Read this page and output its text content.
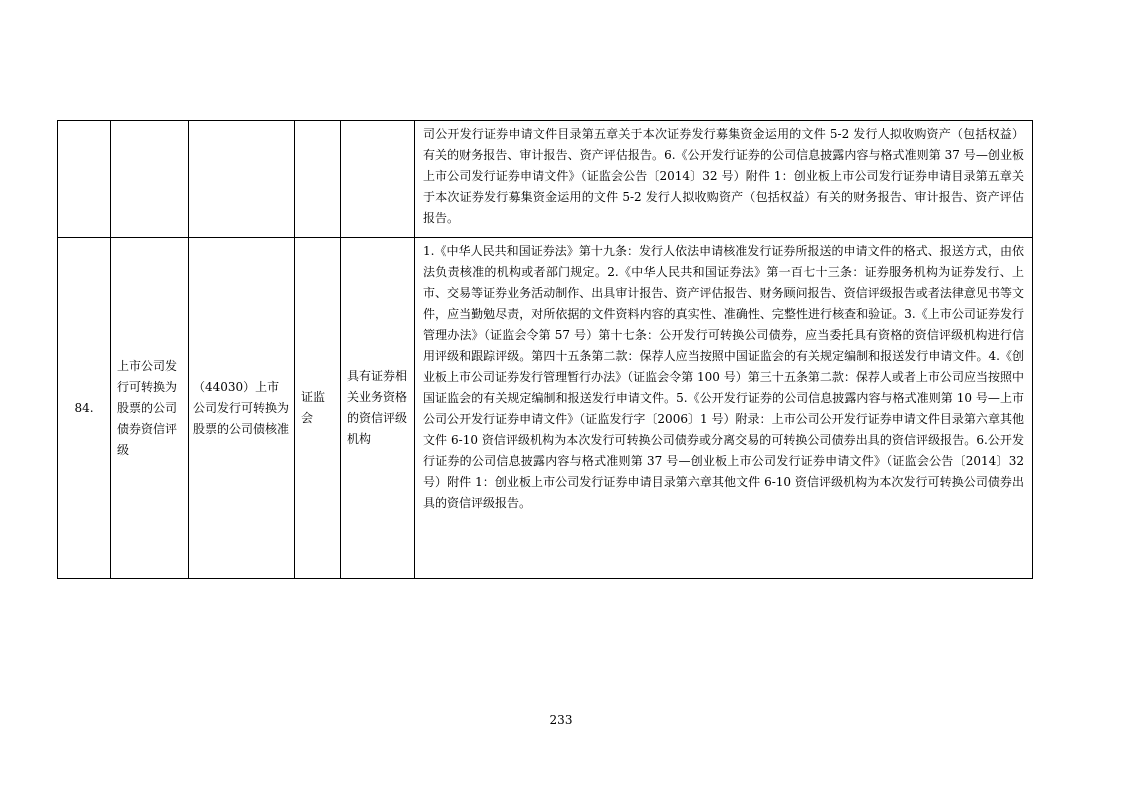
					司公开发行证券申请文件目录第五章关于本次证券发行募集资金运用的文件 5-2 发行人拟收购资产（包括权益）有关的财务报告、审计报告、资产评估报告。6.《公开发行证券的公司信息披露内容与格式准则第 37 号—创业板上市公司发行证券申请文件》（证监会公告〔2014〕32 号）附件 1：创业板上市公司发行证券申请目录第五章关于本次证券发行募集资金运用的文件 5-2 发行人拟收购资产（包括权益）有关的财务报告、审计报告、资产评估报告。

84.	上市公司发行可转换为股票的公司债券资信评级	（44030）上市公司发行可转换为股票的公司债核准	证监会	具有证券相关业务资格的资信评级机构	1.《中华人民共和国证券法》第十九条：发行人依法申请核准发行证券所报送的申请文件的格式、报送方式，由依法负责核准的机构或者部门规定。2.《中华人民共和国证券法》第一百七十三条：证券服务机构为证券发行、上市、交易等证券业务活动制作、出具审计报告、资产评估报告、财务顾问报告、资信评级报告或者法律意见书等文件，应当勤勉尽责，对所依据的文件资料内容的真实性、准确性、完整性进行核查和验证。3.《上市公司证券发行管理办法》（证监会令第 57 号）第十七条：公开发行可转换公司债券，应当委托具有资格的资信评级机构进行信用评级和跟踪评级。第四十五条第二款：保荐人应当按照中国证监会的有关规定编制和报送发行申请文件。4.《创业板上市公司证券发行管理暂行办法》（证监会令第 100 号）第三十五条第二款：保荐人或者上市公司应当按照中国证监会的有关规定编制和报送发行申请文件。5.《公开发行证券的公司信息披露内容与格式准则第 10 号—上市公司公开发行证券申请文件》（证监发行字〔2006〕1 号）附录：上市公司公开发行证券申请文件目录第六章其他文件 6-10 资信评级机构为本次发行可转换公司债券或分离交易的可转换公司债券出具的资信评级报告。6.公开发行证券的公司信息披露内容与格式准则第 37 号—创业板上市公司发行证券申请文件》（证监会公告〔2014〕32 号）附件 1：创业板上市公司发行证券申请目录第六章其他文件 6-10 资信评级机构为本次发行可转换公司债券出具的资信评级报告。
233
